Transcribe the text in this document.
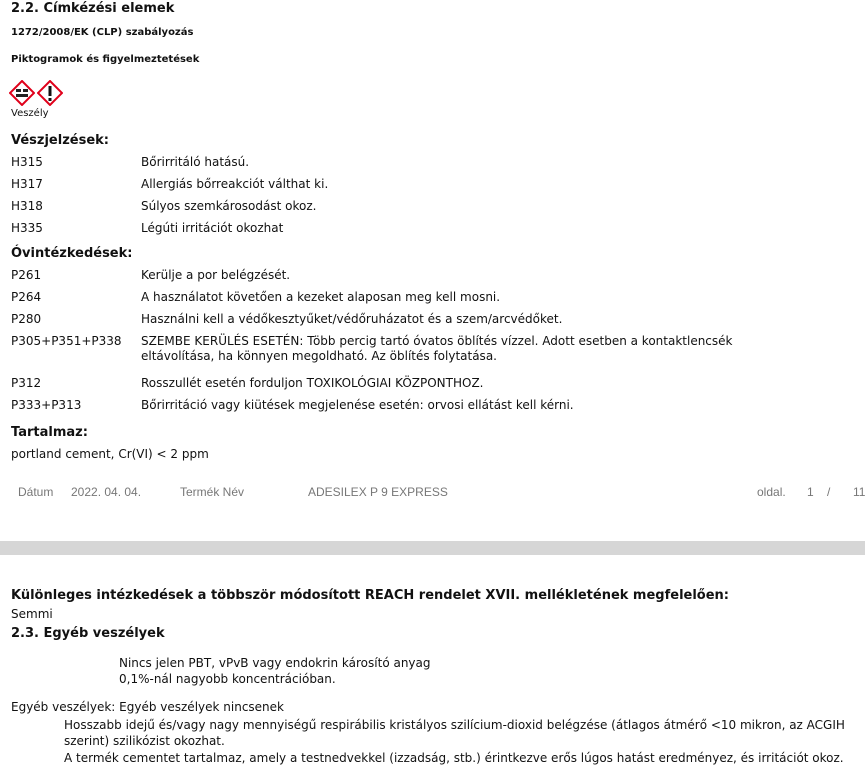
2.2. Címkézési elemek
1272/2008/EK (CLP) szabályozás
Piktogramok és figyelmeztetések
Veszély
Vészjelzések:
H315	Bőrirritáló hatású.
H317	Allergiás bőrreakciót válthat ki.
H318	Súlyos szemkárosodást okoz.
H335	Légúti irritációt okozhat
Óvintézkedések:
P261	Kerülje a por belégzését.
P264	A használatot követően a kezeket alaposan meg kell mosni.
P280	Használni kell a védőkesztyűket/védőruházatot és a szem/arcvédőket.
P305+P351+P338 SZEMBE KERÜLÉS ESETÉN: Több percig tartó óvatos öblítés vízzel. Adott esetben a kontaktlencsék eltávolítása, ha könnyen megoldható. Az öblítés folytatása.
P312	Rosszullét esetén forduljon TOXIKOLÓGIAI KÖZPONTHOZ.
P333+P313	Bőrirritáció vagy kiütések megjelenése esetén: orvosi ellátást kell kérni.
Tartalmaz:
portland cement, Cr(VI) < 2 ppm
Dátum 2022. 04. 04.	Termék Név	ADESILEX P 9 EXPRESS	oldal. 1 / 11
Különleges intézkedések a többször módosított REACH rendelet XVII. mellékletének megfelelően:
Semmi
2.3. Egyéb veszélyek
Nincs jelen PBT, vPvB vagy endokrin károsító anyag 0,1%-nál nagyobb koncentrációban.
Egyéb veszélyek: Egyéb veszélyek nincsenek
Hosszabb idejű és/vagy nagy mennyiségű respirábilis kristályos szilícium-dioxid belégzése (átlagos átmérő <10 mikron, az ACGIH szerint) szilikózist okozhat.
A termék cementet tartalmaz, amely a testnedvekkel (izzadság, stb.) érintkezve erős lúgos hatást eredményez, és irritációt okoz.
